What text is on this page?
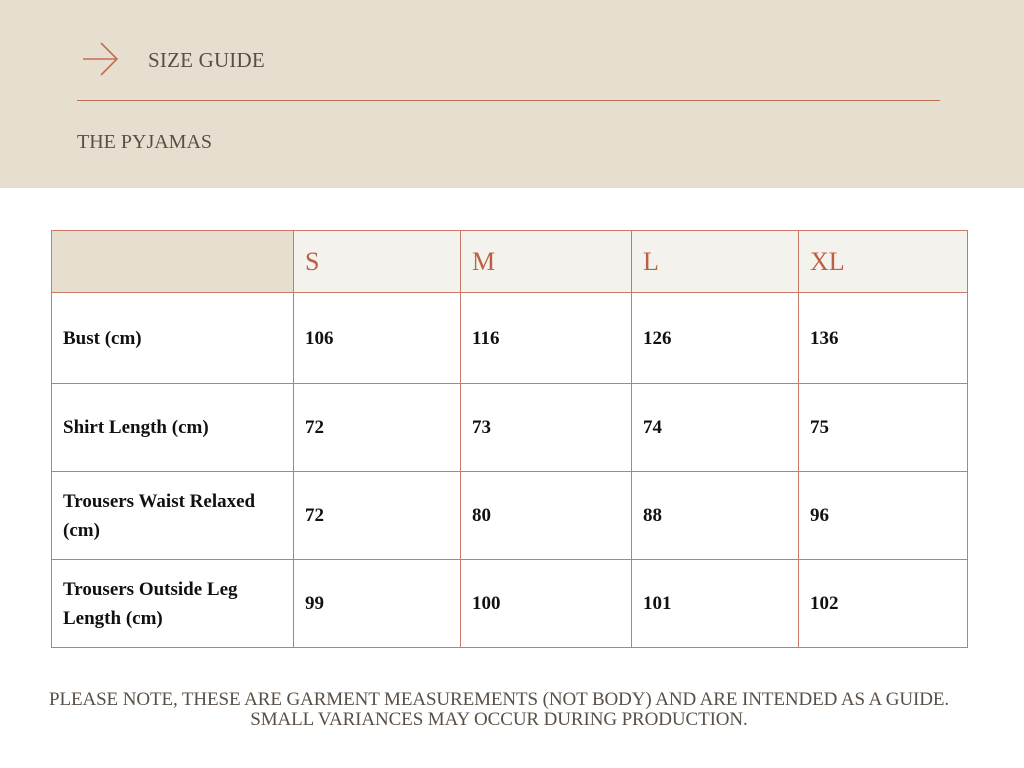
SIZE GUIDE
THE PYJAMAS
	S	M	L	XL
Bust (cm)	106	116	126	136
Shirt Length (cm)	72	73	74	75
Trousers Waist Relaxed (cm)	72	80	88	96
Trousers Outside Leg Length (cm)	99	100	101	102
PLEASE NOTE, THESE ARE GARMENT MEASUREMENTS (NOT BODY) AND ARE INTENDED AS A GUIDE. SMALL VARIANCES MAY OCCUR DURING PRODUCTION.
